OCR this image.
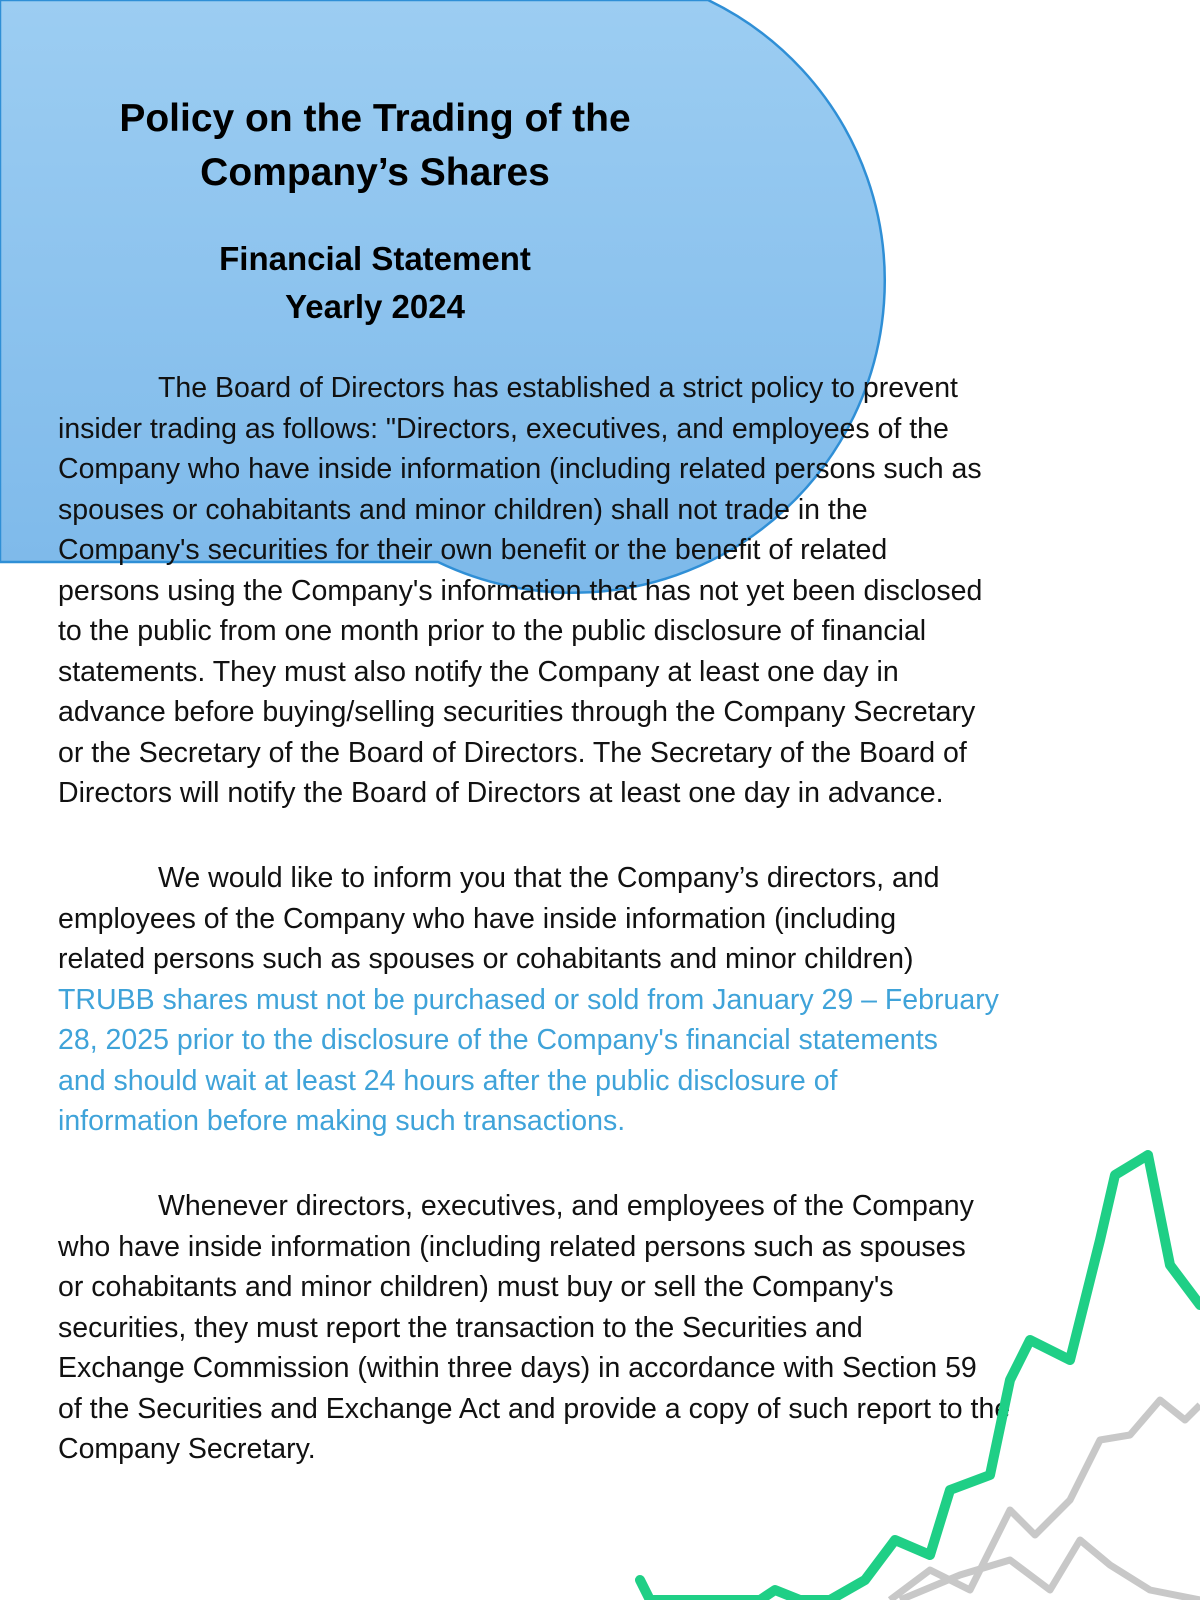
Policy on the Trading of the
Company’s Shares
Financial Statement
Yearly 2024

The Board of Directors has established a strict policy to prevent
insider trading as follows: "Directors, executives, and employees of the
Company who have inside information (including related persons such as
spouses or cohabitants and minor children) shall not trade in the
Company's securities for their own benefit or the benefit of related
persons using the Company's information that has not yet been disclosed
to the public from one month prior to the public disclosure of financial
statements. They must also notify the Company at least one day in
advance before buying/selling securities through the Company Secretary
or the Secretary of the Board of Directors. The Secretary of the Board of
Directors will notify the Board of Directors at least one day in advance.

We would like to inform you that the Company’s directors, and
employees of the Company who have inside information (including
related persons such as spouses or cohabitants and minor children)
TRUBB shares must not be purchased or sold from January 29 – February
28, 2025 prior to the disclosure of the Company's financial statements
and should wait at least 24 hours after the public disclosure of
information before making such transactions.

Whenever directors, executives, and employees of the Company
who have inside information (including related persons such as spouses
or cohabitants and minor children) must buy or sell the Company's
securities, they must report the transaction to the Securities and
Exchange Commission (within three days) in accordance with Section 59
of the Securities and Exchange Act and provide a copy of such report to the
Company Secretary.
